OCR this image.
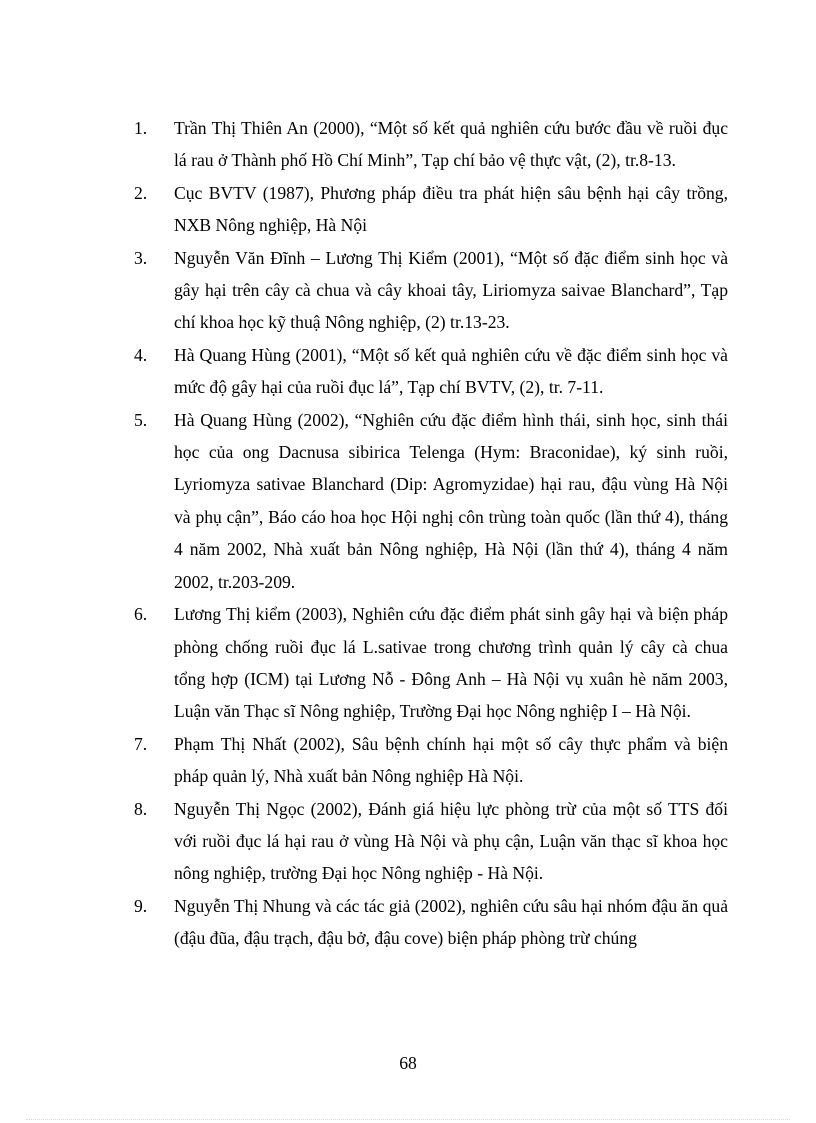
1. Trần Thị Thiên An (2000), “Một số kết quả nghiên cứu bước đầu về ruồi đục lá rau ở Thành phố Hồ Chí Minh”, Tạp chí bảo vệ thực vật, (2), tr.8-13.
2. Cục BVTV (1987), Phương pháp điều tra phát hiện sâu bệnh hại cây trồng, NXB Nông nghiệp, Hà Nội
3. Nguyễn Văn Đĩnh – Lương Thị Kiểm (2001), “Một số đặc điểm sinh học và gây hại trên cây cà chua và cây khoai tây, Liriomyza saivae Blanchard”, Tạp chí khoa học kỹ thuậ Nông nghiệp, (2) tr.13-23.
4. Hà Quang Hùng (2001), “Một số kết quả nghiên cứu về đặc điểm sinh học và mức độ gây hại của ruồi đục lá”, Tạp chí BVTV, (2), tr. 7-11.
5. Hà Quang Hùng (2002), “Nghiên cứu đặc điểm hình thái, sinh học, sinh thái học của ong Dacnusa sibirica Telenga (Hym: Braconidae), ký sinh ruồi, Lyriomyza sativae Blanchard (Dip: Agromyzidae) hại rau, đậu vùng Hà Nội và phụ cận”, Báo cáo hoa học Hội nghị côn trùng toàn quốc (lần thứ 4), tháng 4 năm 2002, Nhà xuất bản Nông nghiệp, Hà Nội (lần thứ 4), tháng 4 năm 2002, tr.203-209.
6. Lương Thị kiểm (2003), Nghiên cứu đặc điểm phát sinh gây hại và biện pháp phòng chống ruồi đục lá L.sativae trong chương trình quản lý cây cà chua tổng hợp (ICM) tại Lương Nỗ - Đông Anh – Hà Nội vụ xuân hè năm 2003, Luận văn Thạc sĩ Nông nghiệp, Trường Đại học Nông nghiệp I – Hà Nội.
7. Phạm Thị Nhất (2002), Sâu bệnh chính hại một số cây thực phẩm và biện pháp quản lý, Nhà xuất bản Nông nghiệp Hà Nội.
8. Nguyễn Thị Ngọc (2002), Đánh giá hiệu lực phòng trừ của một số TTS đối với ruồi đục lá hại rau ở vùng Hà Nội và phụ cận, Luận văn thạc sĩ khoa học nông nghiệp, trường Đại học Nông nghiệp - Hà Nội.
9. Nguyễn Thị Nhung và các tác giả (2002), nghiên cứu sâu hại nhóm đậu ăn quả (đậu đũa, đậu trạch, đậu bở, đậu cove) biện pháp phòng trừ chúng
68
